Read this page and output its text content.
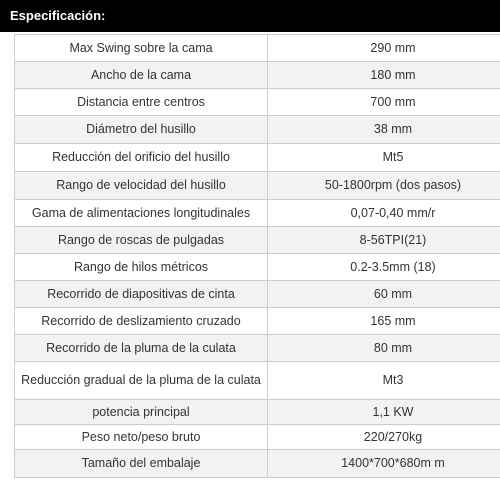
Especificación:
Max Swing sobre la cama	290 mm
Ancho de la cama	180 mm
Distancia entre centros	700 mm
Diámetro del husillo	38 mm
Reducción del orificio del husillo	Mt5
Rango de velocidad del husillo	50-1800rpm (dos pasos)
Gama de alimentaciones longitudinales	0,07-0,40 mm/r
Rango de roscas de pulgadas	8-56TPI(21)
Rango de hilos métricos	0.2-3.5mm (18)
Recorrido de diapositivas de cinta	60 mm
Recorrido de deslizamiento cruzado	165 mm
Recorrido de la pluma de la culata	80 mm
Reducción gradual de la pluma de la culata	Mt3
potencia principal	1,1 KW
Peso neto/peso bruto	220/270kg
Tamaño del embalaje	1400*700*680m m
